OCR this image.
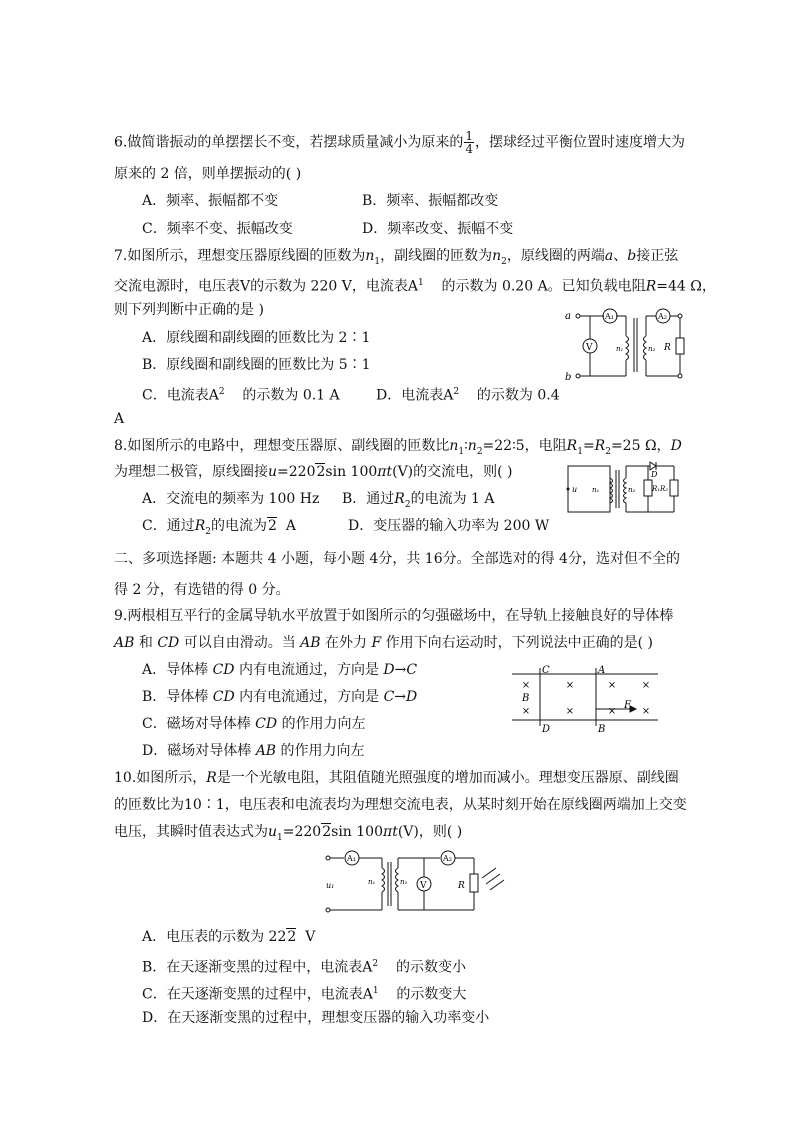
6.做简谐振动的单摆摆长不变，若摆球质量减小为原来的 $\frac{1}{4}$ ，摆球经过平衡位置时速度增大为
原来的 2 倍，则单摆振动的( )
A．频率、振幅都不变	B．频率、振幅都改变
C．频率不变、振幅改变	D．频率改变、振幅不变
7.如图所示，理想变压器原线圈的匝数为$n_1$，副线圈的匝数为$n_2$，原线圈的两端a、b接正弦
交流电源时，电压表V的示数为 220 V，电流表$A^1$ 的示数为 0.20 A。已知负载电阻R=44 Ω，
则下列判断中正确的是 )
A．原线圈和副线圈的匝数比为 2∶1
B．原线圈和副线圈的匝数比为 5∶1
C．电流表$A^2$ 的示数为 0.1 A	D．电流表$A^2$ 的示数为 0.4
A
a
b
A₁
V	n₁	n₂
A₂
R
8.如图所示的电路中，理想变压器原、副线圈的匝数比$n_1∶n_2=22∶5$，电阻$R_1=R_2=25$ Ω，D
为理想二极管，原线圈接u=2202sin 100πt(V)的交流电，则( )
A．交流电的频率为 100 Hz B．通过$R_2$的电流为 1 A
C．通过$R_2$的电流为2 A	D．变压器的输入功率为 200 W
u n₁	n₂
D
R₁ R₂
二、多项选择题: 本题共 4 小题，每小题 4分，共 16分。全部选对的得 4分，选对但不全的
得 2 分，有选错的得 0 分。
9.两根相互平行的金属导轨水平放置于如图所示的匀强磁场中，在导轨上接触良好的导体棒
AB 和 CD 可以自由滑动。当 AB 在外力 F 作用下向右运动时，下列说法中正确的是( )
A．导体棒 CD 内有电流通过，方向是 D→C
B．导体棒 CD 内有电流通过，方向是 C→D
C．磁场对导体棒 CD 的作用力向左
D．磁场对导体棒 AB 的作用力向左
×	×	×	×
×	×	×	×
C	A
B
D	B
F
10.如图所示，R是一个光敏电阻，其阻值随光照强度的增加而减小。理想变压器原、副线圈
的匝数比为10∶1，电压表和电流表均为理想交流电表，从某时刻开始在原线圈两端加上交变
电压，其瞬时值表达式为$u_1=2202\sin$ 100πt(V)，则( )
u₁
A₁
n₁	n₂ V
A₂
R
A．电压表的示数为 222 V
B．在天逐渐变黑的过程中，电流表$A^2$ 的示数变小
C．在天逐渐变黑的过程中，电流表$A^1$ 的示数变大
D．在天逐渐变黑的过程中，理想变压器的输入功率变小
